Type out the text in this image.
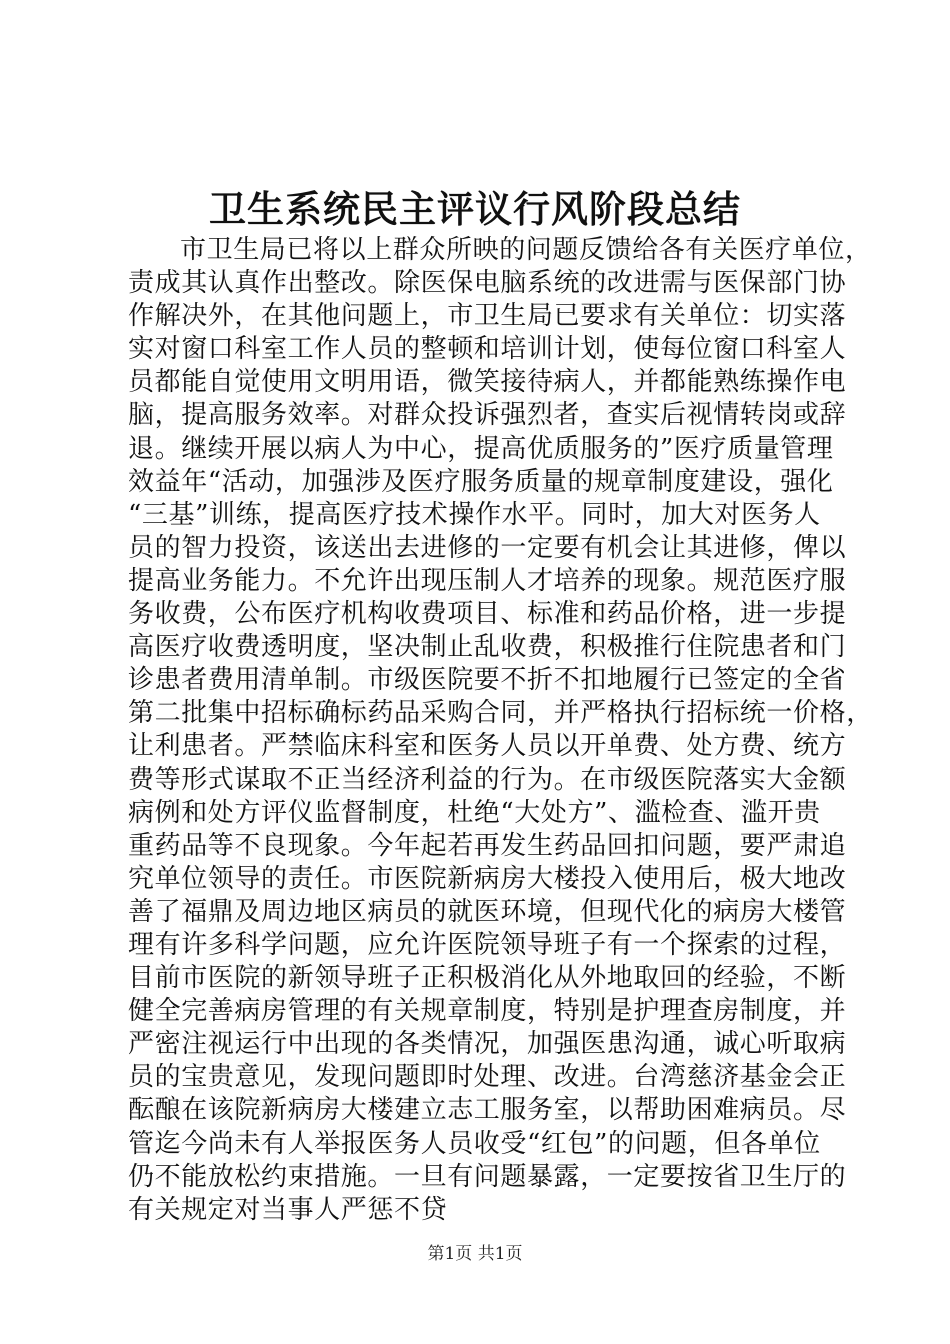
卫生系统民主评议行风阶段总结
市卫生局已将以上群众所映的问题反馈给各有关医疗单位，
责成其认真作出整改。除医保电脑系统的改进需与医保部门协
作解决外，在其他问题上，市卫生局已要求有关单位：切实落
实对窗口科室工作人员的整顿和培训计划，使每位窗口科室人
员都能自觉使用文明用语，微笑接待病人，并都能熟练操作电
脑，提高服务效率。对群众投诉强烈者，查实后视情转岗或辞
退。继续开展以病人为中心，提高优质服务的”医疗质量管理
效益年“活动，加强涉及医疗服务质量的规章制度建设，强化
“三基”训练，提高医疗技术操作水平。同时，加大对医务人
员的智力投资，该送出去进修的一定要有机会让其进修，俾以
提高业务能力。不允许出现压制人才培养的现象。规范医疗服
务收费，公布医疗机构收费项目、标准和药品价格，进一步提
高医疗收费透明度，坚决制止乱收费，积极推行住院患者和门
诊患者费用清单制。市级医院要不折不扣地履行已签定的全省
第二批集中招标确标药品采购合同，并严格执行招标统一价格，
让利患者。严禁临床科室和医务人员以开单费、处方费、统方
费等形式谋取不正当经济利益的行为。在市级医院落实大金额
病例和处方评仪监督制度，杜绝“大处方”、滥检查、滥开贵
重药品等不良现象。今年起若再发生药品回扣问题，要严肃追
究单位领导的责任。市医院新病房大楼投入使用后，极大地改
善了福鼎及周边地区病员的就医环境，但现代化的病房大楼管
理有许多科学问题，应允许医院领导班子有一个探索的过程，
目前市医院的新领导班子正积极消化从外地取回的经验，不断
健全完善病房管理的有关规章制度，特别是护理查房制度，并
严密注视运行中出现的各类情况，加强医患沟通，诚心听取病
员的宝贵意见，发现问题即时处理、改进。台湾慈济基金会正
酝酿在该院新病房大楼建立志工服务室，以帮助困难病员。尽
管迄今尚未有人举报医务人员收受“红包”的问题，但各单位
仍不能放松约束措施。一旦有问题暴露，一定要按省卫生厅的
有关规定对当事人严惩不贷
第1页 共1页
